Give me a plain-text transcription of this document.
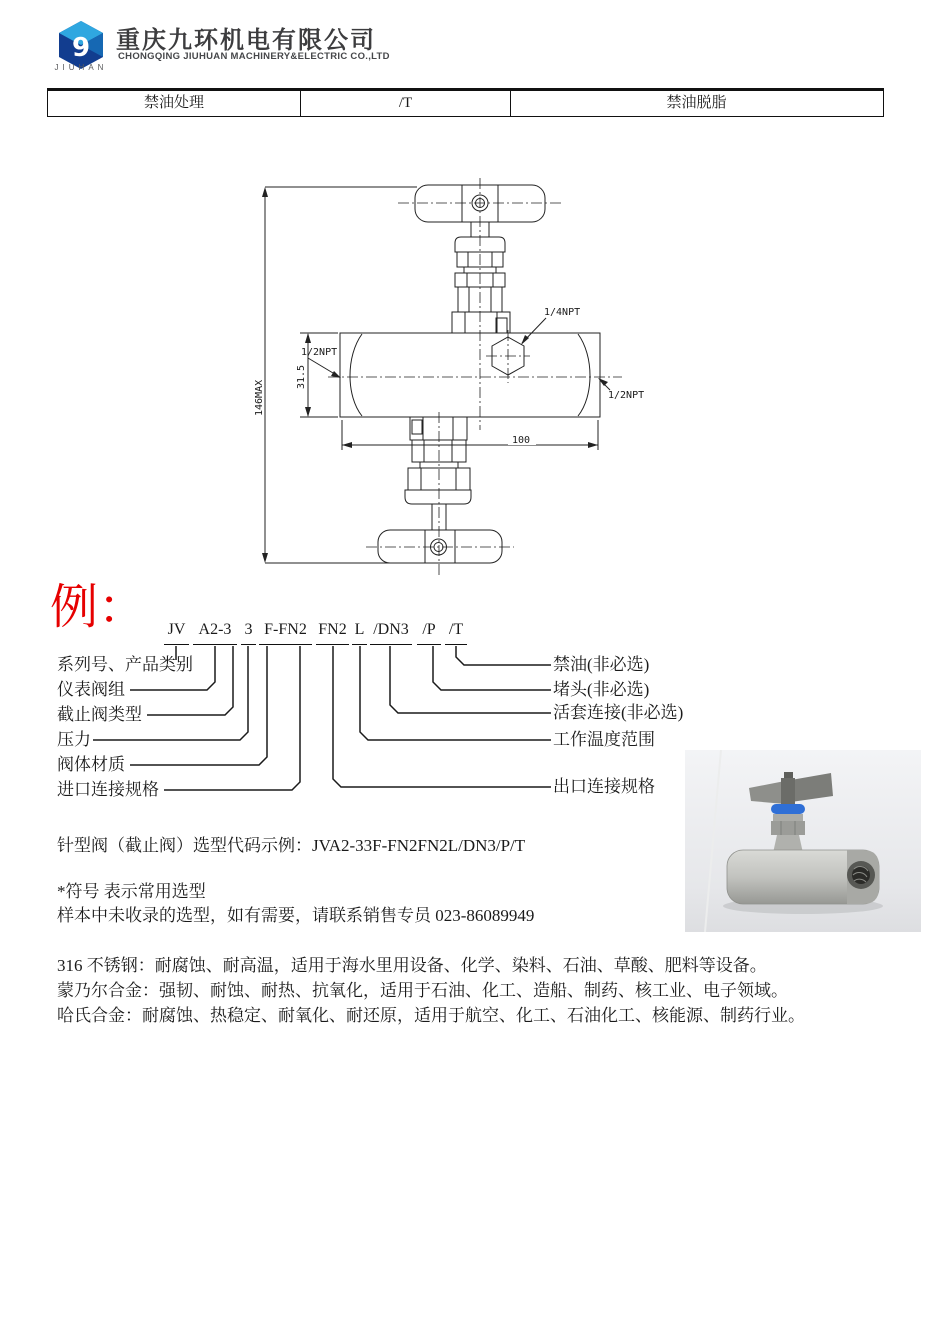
9
JIUHAN
重庆九环机电有限公司
CHONGQING JIUHUAN MACHINERY&ELECTRIC CO.,LTD
禁油处理	/T	禁油脱脂
146MAX
31.5
100
1/4NPT
1/2NPT
1/2NPT
例： JV A2-3 3 F-FN2 FN2 L /DN3 /P /T
系列号、产品类别
仪表阀组
截止阀类型
压力
阀体材质
进口连接规格
禁油(非必选)
堵头(非必选)
活套连接(非必选)
工作温度范围
出口连接规格
针型阀（截止阀）选型代码示例：JVA2-33F-FN2FN2L/DN3/P/T
*符号 表示常用选型
样本中未收录的选型，如有需要，请联系销售专员 023-86089949
316 不锈钢：耐腐蚀、耐高温，适用于海水里用设备、化学、染料、石油、草酸、肥料等设备。
蒙乃尔合金：强韧、耐蚀、耐热、抗氧化，适用于石油、化工、造船、制药、核工业、电子领域。
哈氏合金：耐腐蚀、热稳定、耐氧化、耐还原，适用于航空、化工、石油化工、核能源、制药行业。
